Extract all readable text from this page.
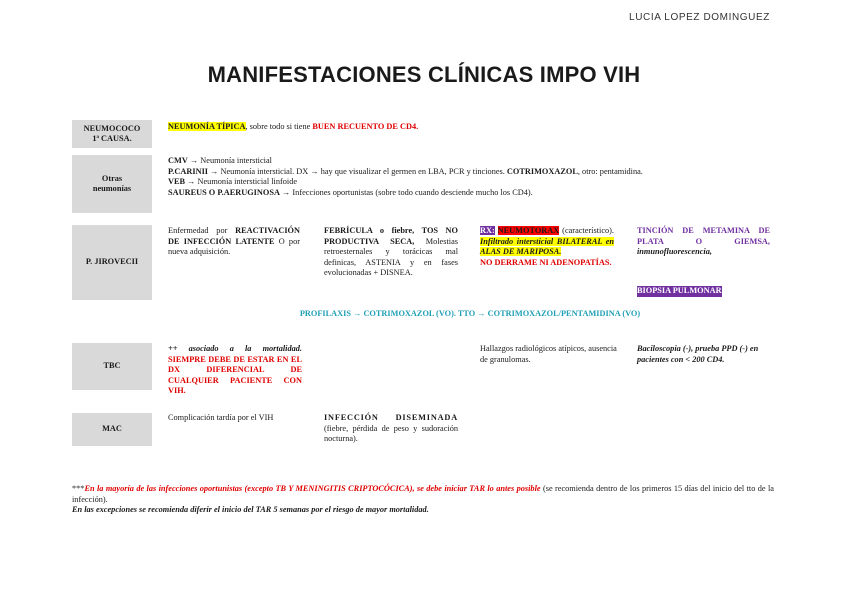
LUCIA LOPEZ DOMINGUEZ
MANIFESTACIONES CLÍNICAS IMPO VIH
NEUMOCOCO
1ª CAUSA.
NEUMONÍA TÍPICA, sobre todo si tiene BUEN RECUENTO DE CD4.
Otras
neumonías
CMV → Neumonía intersticial
P.CARINII → Neumonía intersticial. DX → hay que visualizar el germen en LBA, PCR y tinciones. COTRIMOXAZOL, otro: pentamidina.
VEB → Neumonía intersticial linfoide
SAUREUS O P.AERUGINOSA → Infecciones oportunistas (sobre todo cuando desciende mucho los CD4).
P. JIROVECII
Enfermedad por REACTIVACIÓN DE INFECCIÓN LATENTE O por nueva adquisición.
FEBRÍCULA o fiebre, TOS NO PRODUCTIVA SECA, Molestias retroesternales y torácicas mal definicas, ASTENIA y en fases evolucionadas + DISNEA.
RX: NEUMOTORAX (característico). Infiltrado intersticial BILATERAL en ALAS DE MARIPOSA.
NO DERRAME NI ADENOPATÍAS.
TINCIÓN DE METAMINA DE PLATA O GIEMSA, inmunofluorescencia,
BIOPSIA PULMONAR
PROFILAXIS → COTRIMOXAZOL (VO). TTO → COTRIMOXAZOL/PENTAMIDINA (VO)
TBC
++ asociado a la mortalidad. SIEMPRE DEBE DE ESTAR EN EL DX DIFERENCIAL DE CUALQUIER PACIENTE CON VIH.
Hallazgos radiológicos atípicos, ausencia de granulomas.
Baciloscopia (-), prueba PPD (-) en pacientes con < 200 CD4.
MAC
Complicación tardía por el VIH	INFECCIÓN DISEMINADA (fiebre, pérdida de peso y sudoración nocturna).
***En la mayoría de las infecciones oportunistas (excepto TB Y MENINGITIS CRIPTOCÓCICA), se debe iniciar TAR lo antes posible (se recomienda dentro de los primeros 15 días del inicio del tto de la infección).
En las excepciones se recomienda diferir el inicio del TAR 5 semanas por el riesgo de mayor mortalidad.
